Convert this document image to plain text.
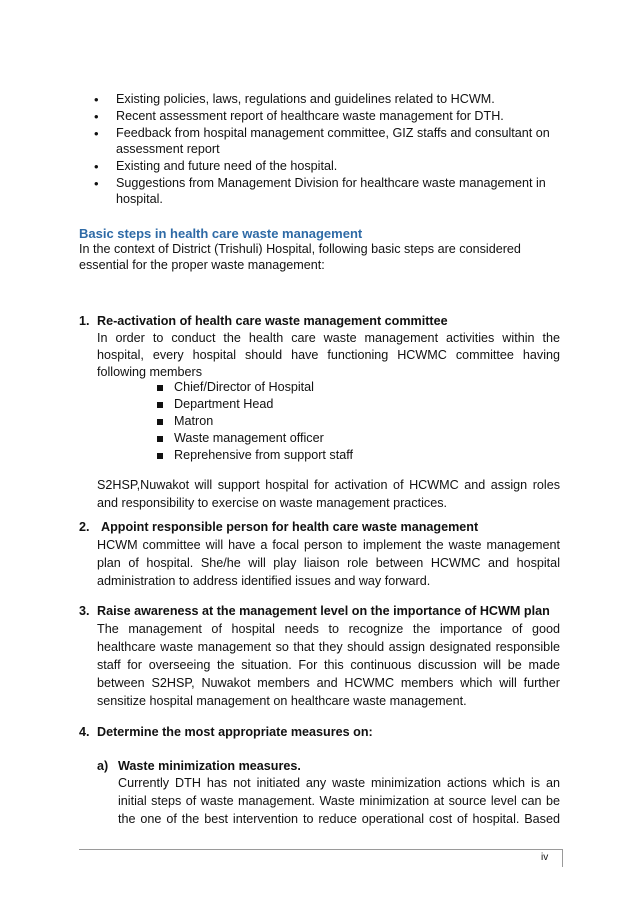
• Existing policies, laws, regulations and guidelines related to HCWM.
• Recent assessment report of healthcare waste management for DTH.
• Feedback from hospital management committee, GIZ staffs and consultant on
assessment report
• Existing and future need of the hospital.
• Suggestions from Management Division for healthcare waste management in
hospital.
Basic steps in health care waste management
In the context of District (Trishuli) Hospital, following basic steps are considered
essential for the proper waste management:
1. Re-activation of health care waste management committee
In order to conduct the health care waste management activities within the
hospital, every hospital should have functioning HCWMC committee having
following members
Chief/Director of Hospital
Department Head
Matron
Waste management officer
Reprehensive from support staff
S2HSP,Nuwakot will support hospital for activation of HCWMC and assign roles
and responsibility to exercise on waste management practices.
2. Appoint responsible person for health care waste management
HCWM committee will have a focal person to implement the waste management
plan of hospital. She/he will play liaison role between HCWMC and hospital
administration to address identified issues and way forward.
3. Raise awareness at the management level on the importance of HCWM plan
The management of hospital needs to recognize the importance of good
healthcare waste management so that they should assign designated responsible
staff for overseeing the situation. For this continuous discussion will be made
between S2HSP, Nuwakot members and HCWMC members which will further
sensitize hospital management on healthcare waste management.
4. Determine the most appropriate measures on:
a) Waste minimization measures.
Currently DTH has not initiated any waste minimization actions which is an
initial steps of waste management. Waste minimization at source level can be
the one of the best intervention to reduce operational cost of hospital. Based
iv
